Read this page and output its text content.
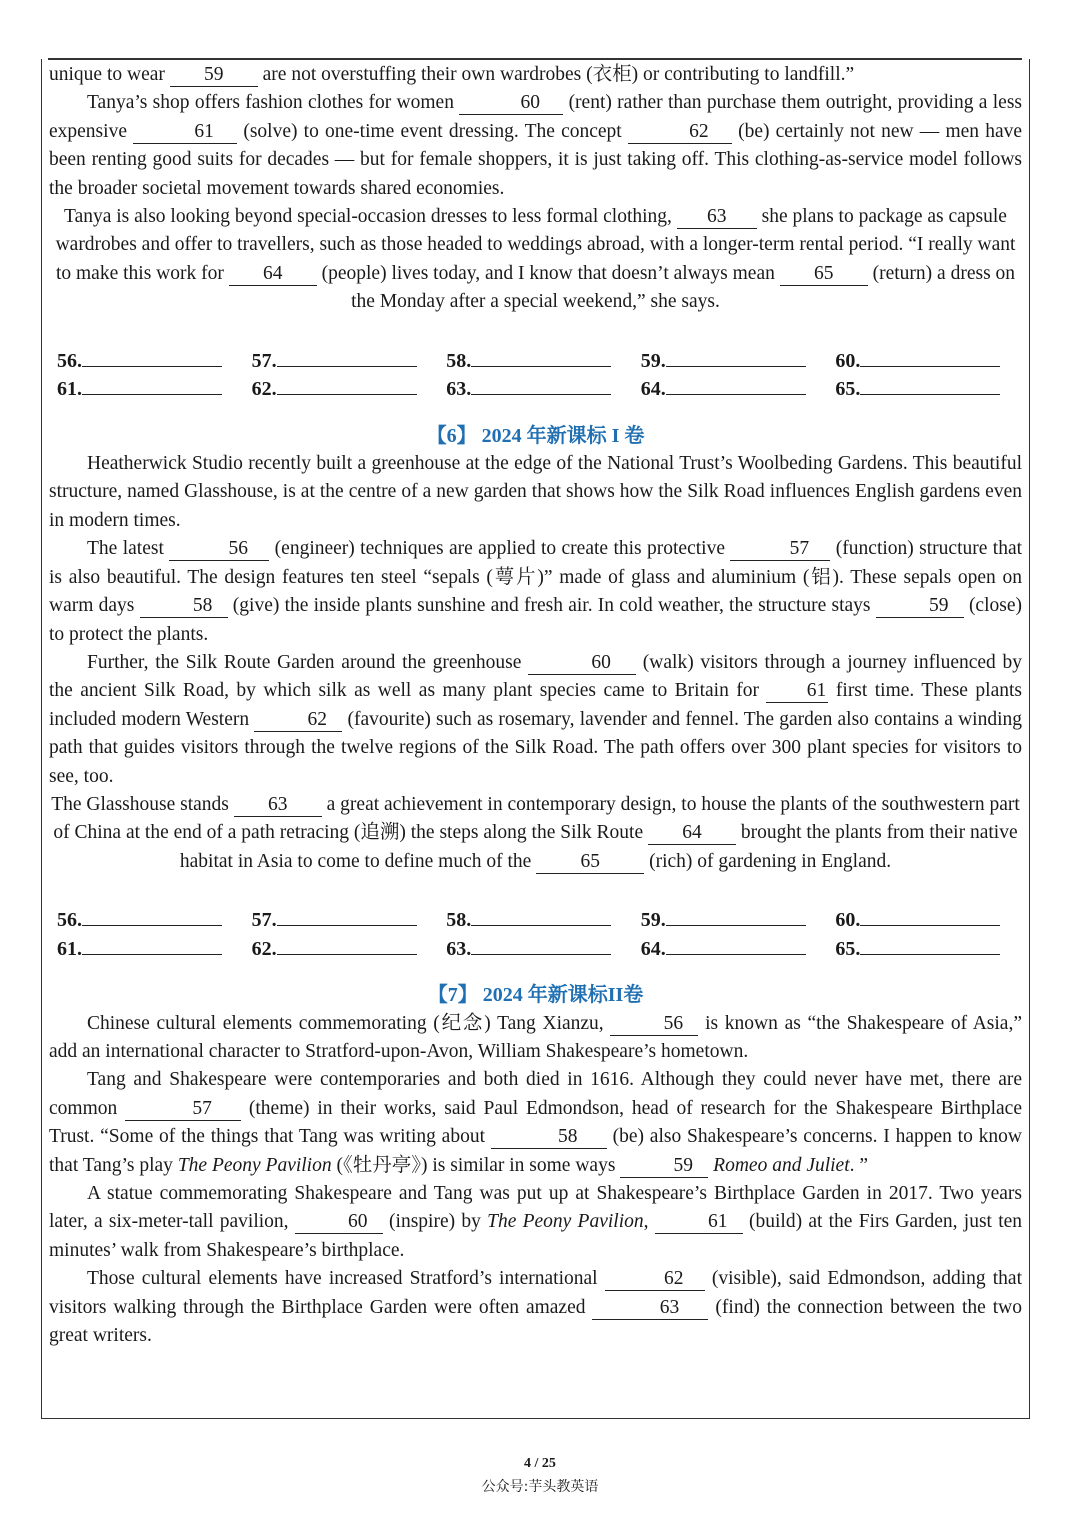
unique to wear 59 are not overstuffing their own wardrobes (衣柜) or contributing to landfill.”

Tanya’s shop offers fashion clothes for women	60 (rent) rather than purchase them outright, providing a less expensive	61 (solve) to one-time event dressing. The concept	62 (be) certainly not new — men have been renting good suits for decades — but for female shoppers, it is just taking off. This clothing-as-service model follows the broader societal movement towards shared economies.

Tanya is also looking beyond special-occasion dresses to less formal clothing, 63 she plans to package as capsule wardrobes and offer to travellers, such as those headed to weddings abroad, with a longer-term rental period. “I really want to make this work for 64 (people) lives today, and I know that doesn’t always mean 65 (return) a dress on the Monday after a special weekend,” she says.

56.	57.	58.	59.	60.
61.	62.	63.	64.	65.
【6】 2024 年新课标 I 卷

Heatherwick Studio recently built a greenhouse at the edge of the National Trust’s Woolbeding Gardens. This beautiful structure, named Glasshouse, is at the centre of a new garden that shows how the Silk Road influences English gardens even in modern times.

The latest	56 (engineer) techniques are applied to create this protective	57 (function) structure that is also beautiful. The design features ten steel “sepals (萼片)” made of glass and aluminium (铝). These sepals open on warm days	58 (give) the inside plants sunshine and fresh air. In cold weather, the structure stays	59 (close) to protect the plants.

Further, the Silk Route Garden around the greenhouse	60 (walk) visitors through a journey influenced by the ancient Silk Road, by which silk as well as many plant species came to Britain for 61 first time. These plants included modern Western	62 (favourite) such as rosemary, lavender and fennel. The garden also contains a winding path that guides visitors through the twelve regions of the Silk Road. The path offers over 300 plant species for visitors to see, too.

The Glasshouse stands 63 a great achievement in contemporary design, to house the plants of the southwestern part of China at the end of a path retracing (追溯) the steps along the Silk Route 64 brought the plants from their native habitat in Asia to come to define much of the 65	(rich) of gardening in England.

56.	57.	58.	59.	60.
61.	62.	63.	64.	65.
【7】 2024 年新课标II卷

Chinese cultural elements commemorating (纪念) Tang Xianzu,	56 is known as “the Shakespeare of Asia,” add an international character to Stratford-upon-Avon, William Shakespeare’s hometown.

Tang and Shakespeare were contemporaries and both died in 1616. Although they could never have met, there are common	57 (theme) in their works, said Paul Edmondson, head of research for the Shakespeare Birthplace Trust. “Some of the things that Tang was writing about	58 (be) also Shakespeare’s concerns. I happen to know that Tang’s play The Peony Pavilion (《牡丹亭》) is similar in some ways	59 Romeo and Juliet. ”

A statue commemorating Shakespeare and Tang was put up at Shakespeare’s Birthplace Garden in 2017. Two years later, a six-meter-tall pavilion,	60 (inspire) by The Peony Pavilion,	61 (build) at the Firs Garden, just ten minutes’ walk from Shakespeare’s birthplace.

Those cultural elements have increased Stratford’s international	62 (visible), said Edmondson, adding that visitors walking through the Birthplace Garden were often amazed	63 (find) the connection between the two great writers.

4 / 25
公众号:芋头教英语
